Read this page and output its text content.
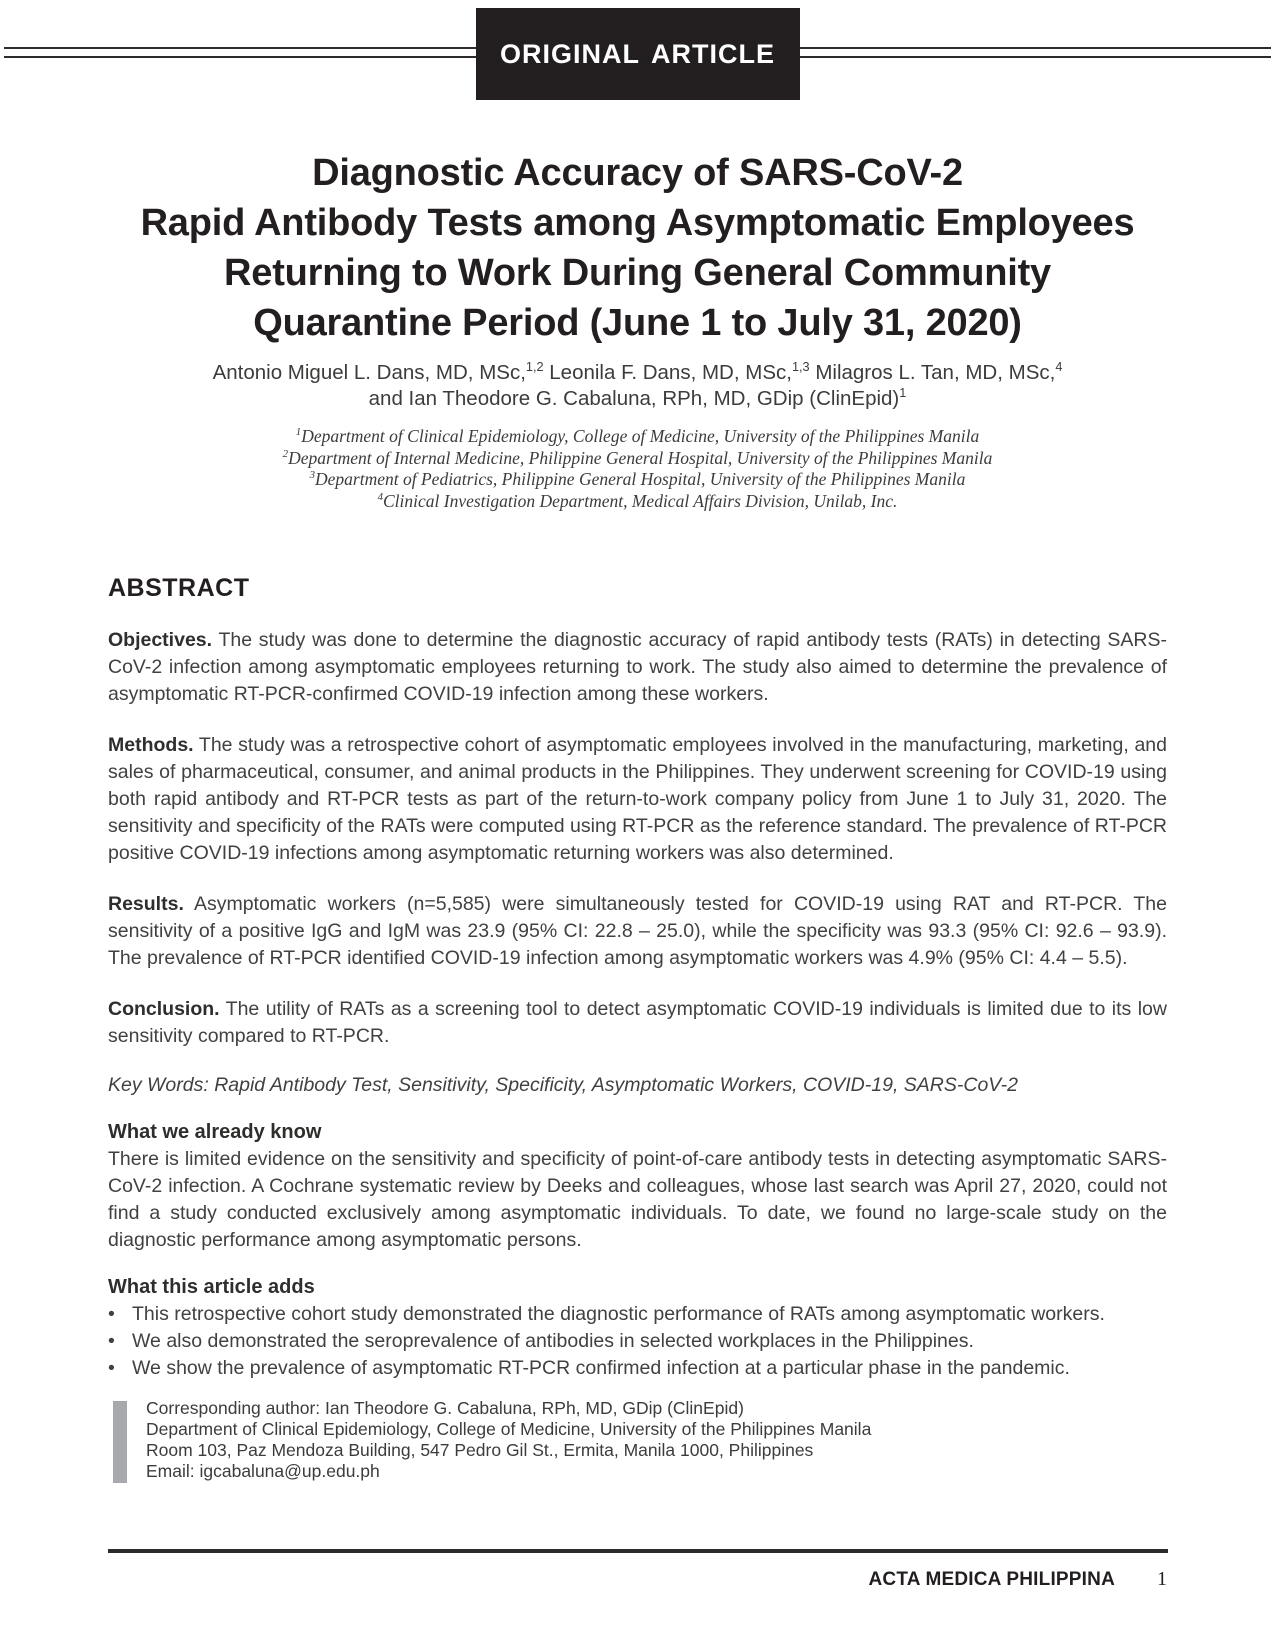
ORIGINAL ARTICLE
Diagnostic Accuracy of SARS-CoV-2
Rapid Antibody Tests among Asymptomatic Employees
Returning to Work During General Community
Quarantine Period (June 1 to July 31, 2020)
Antonio Miguel L. Dans, MD, MSc,$^{1,2}$ Leonila F. Dans, MD, MSc,$^{1,3}$ Milagros L. Tan, MD, MSc,$^4$
and Ian Theodore G. Cabaluna, RPh, MD, GDip (ClinEpid)$^1$
$^1$Department of Clinical Epidemiology, College of Medicine, University of the Philippines Manila
$^2$Department of Internal Medicine, Philippine General Hospital, University of the Philippines Manila
$^3$Department of Pediatrics, Philippine General Hospital, University of the Philippines Manila
$^4$Clinical Investigation Department, Medical Affairs Division, Unilab, Inc.
ABSTRACT
Objectives. The study was done to determine the diagnostic accuracy of rapid antibody tests (RATs) in detecting SARS-CoV-2 infection among asymptomatic employees returning to work. The study also aimed to determine the prevalence of asymptomatic RT-PCR-confirmed COVID-19 infection among these workers.
Methods. The study was a retrospective cohort of asymptomatic employees involved in the manufacturing, marketing, and sales of pharmaceutical, consumer, and animal products in the Philippines. They underwent screening for COVID-19 using both rapid antibody and RT-PCR tests as part of the return-to-work company policy from June 1 to July 31, 2020. The sensitivity and specificity of the RATs were computed using RT-PCR as the reference standard. The prevalence of RT-PCR positive COVID-19 infections among asymptomatic returning workers was also determined.
Results. Asymptomatic workers (n=5,585) were simultaneously tested for COVID-19 using RAT and RT-PCR. The sensitivity of a positive IgG and IgM was 23.9 (95% CI: 22.8 – 25.0), while the specificity was 93.3 (95% CI: 92.6 – 93.9). The prevalence of RT-PCR identified COVID-19 infection among asymptomatic workers was 4.9% (95% CI: 4.4 – 5.5).
Conclusion. The utility of RATs as a screening tool to detect asymptomatic COVID-19 individuals is limited due to its low sensitivity compared to RT-PCR.
Key Words: Rapid Antibody Test, Sensitivity, Specificity, Asymptomatic Workers, COVID-19, SARS-CoV-2
What we already know
There is limited evidence on the sensitivity and specificity of point-of-care antibody tests in detecting asymptomatic SARS-CoV-2 infection. A Cochrane systematic review by Deeks and colleagues, whose last search was April 27, 2020, could not find a study conducted exclusively among asymptomatic individuals. To date, we found no large-scale study on the diagnostic performance among asymptomatic persons.
What this article adds
• This retrospective cohort study demonstrated the diagnostic performance of RATs among asymptomatic workers.
• We also demonstrated the seroprevalence of antibodies in selected workplaces in the Philippines.
• We show the prevalence of asymptomatic RT-PCR confirmed infection at a particular phase in the pandemic.
Corresponding author: Ian Theodore G. Cabaluna, RPh, MD, GDip (ClinEpid)
Department of Clinical Epidemiology, College of Medicine, University of the Philippines Manila
Room 103, Paz Mendoza Building, 547 Pedro Gil St., Ermita, Manila 1000, Philippines
Email: igcabaluna@up.edu.ph
ACTA MEDICA PHILIPPINA 1
